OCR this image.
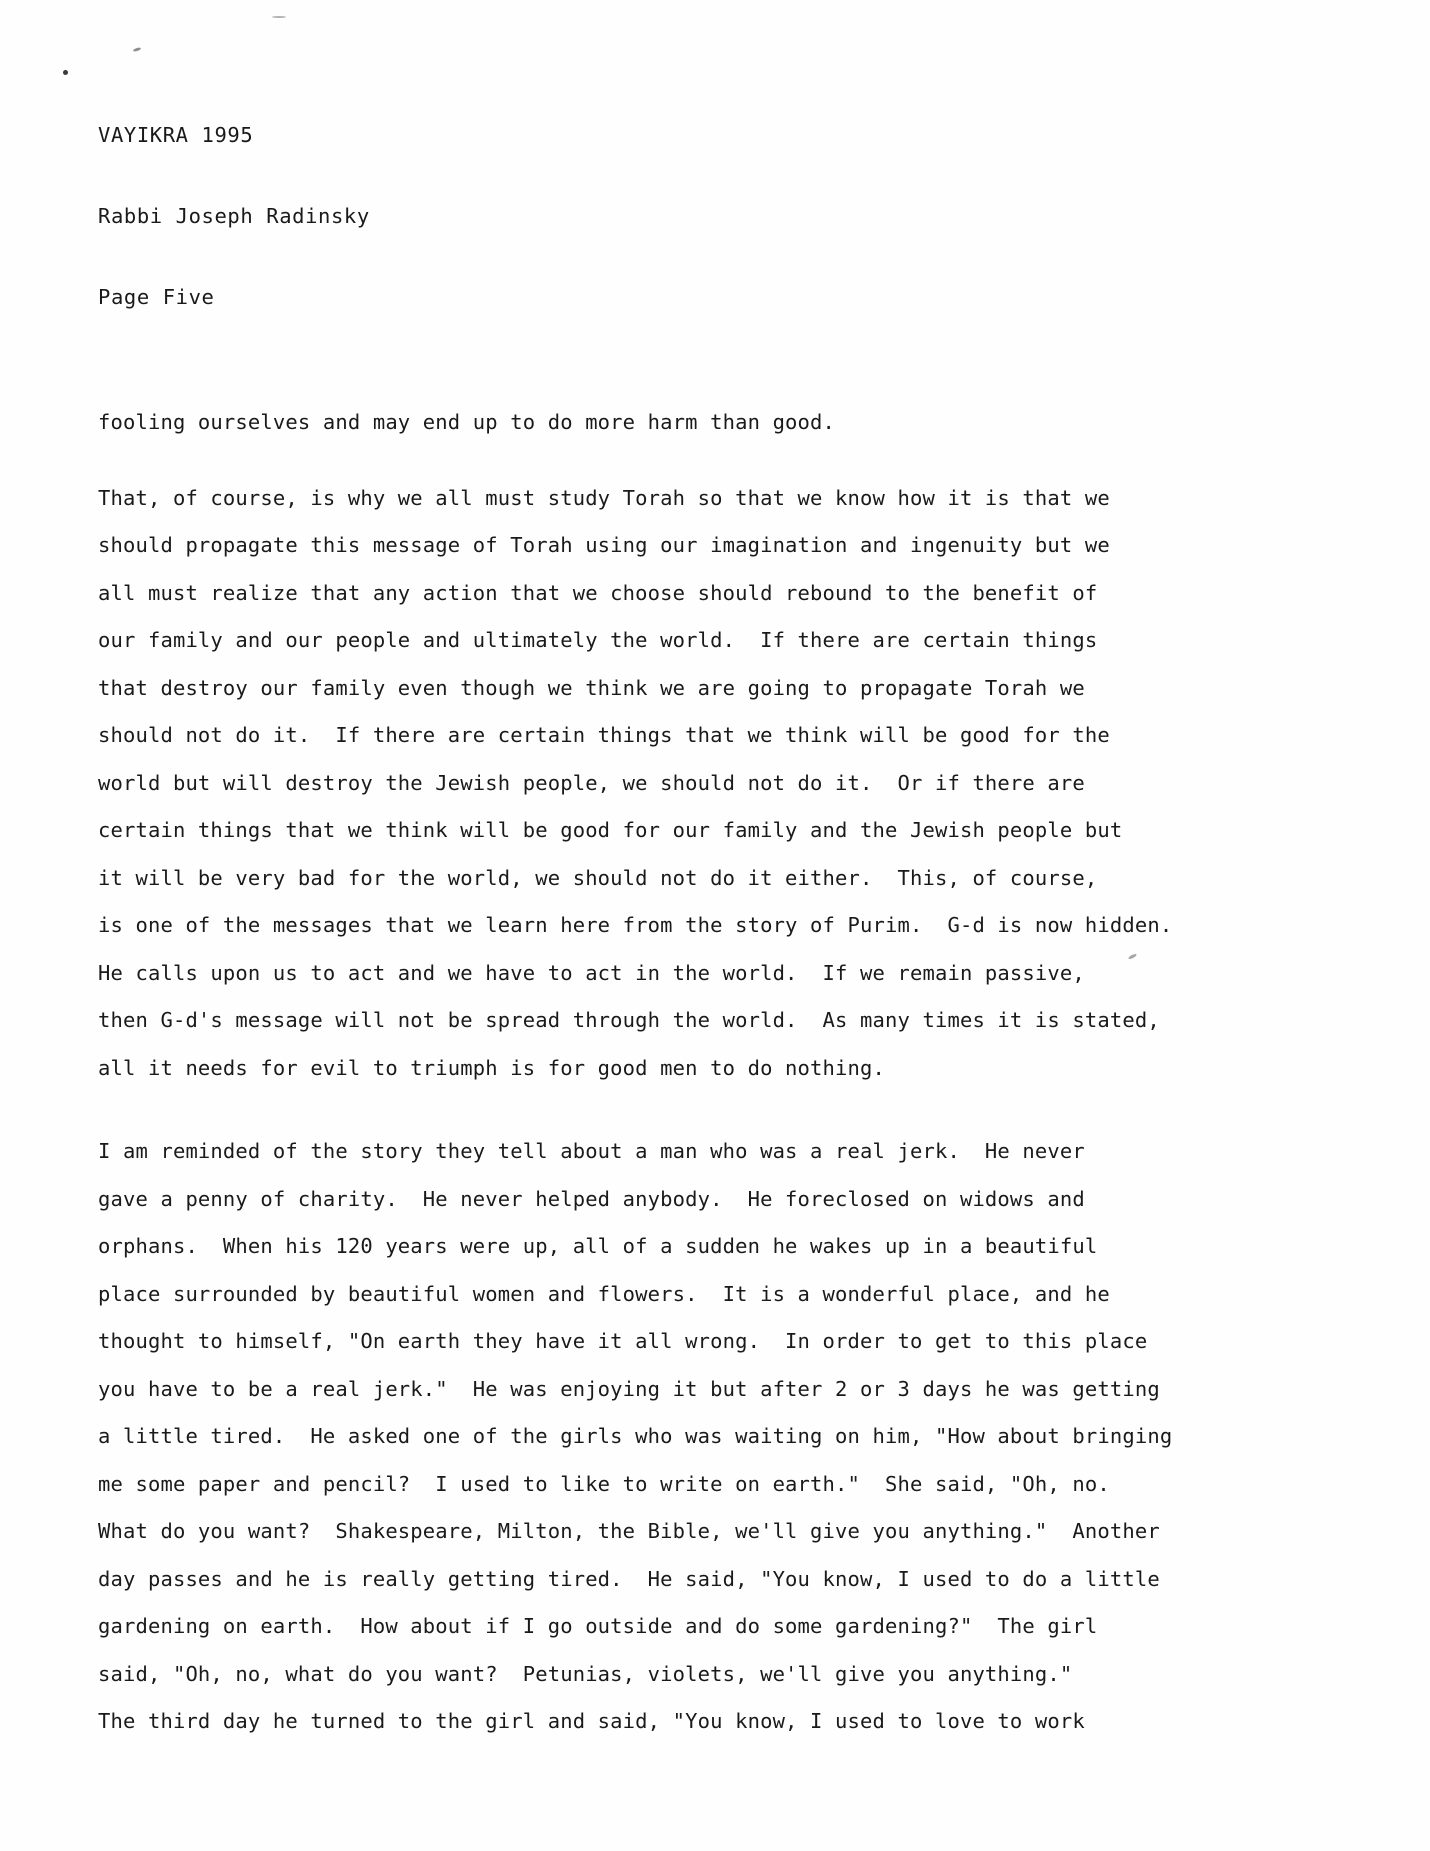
VAYIKRA 1995

Rabbi Joseph Radinsky

Page Five

fooling ourselves and may end up to do more harm than good.

That, of course, is why we all must study Torah so that we know how it is that we
should propagate this message of Torah using our imagination and ingenuity but we
all must realize that any action that we choose should rebound to the benefit of
our family and our people and ultimately the world.  If there are certain things
that destroy our family even though we think we are going to propagate Torah we
should not do it.  If there are certain things that we think will be good for the
world but will destroy the Jewish people, we should not do it.  Or if there are
certain things that we think will be good for our family and the Jewish people but
it will be very bad for the world, we should not do it either.  This, of course,
is one of the messages that we learn here from the story of Purim.  G-d is now hidden.
He calls upon us to act and we have to act in the world.  If we remain passive,
then G-d's message will not be spread through the world.  As many times it is stated,
all it needs for evil to triumph is for good men to do nothing.

I am reminded of the story they tell about a man who was a real jerk.  He never
gave a penny of charity.  He never helped anybody.  He foreclosed on widows and
orphans.  When his 120 years were up, all of a sudden he wakes up in a beautiful
place surrounded by beautiful women and flowers.  It is a wonderful place, and he
thought to himself, "On earth they have it all wrong.  In order to get to this place
you have to be a real jerk."  He was enjoying it but after 2 or 3 days he was getting
a little tired.  He asked one of the girls who was waiting on him, "How about bringing
me some paper and pencil?  I used to like to write on earth."  She said, "Oh, no.
What do you want?  Shakespeare, Milton, the Bible, we'll give you anything."  Another
day passes and he is really getting tired.  He said, "You know, I used to do a little
gardening on earth.  How about if I go outside and do some gardening?"  The girl
said, "Oh, no, what do you want?  Petunias, violets, we'll give you anything."
The third day he turned to the girl and said, "You know, I used to love to work
